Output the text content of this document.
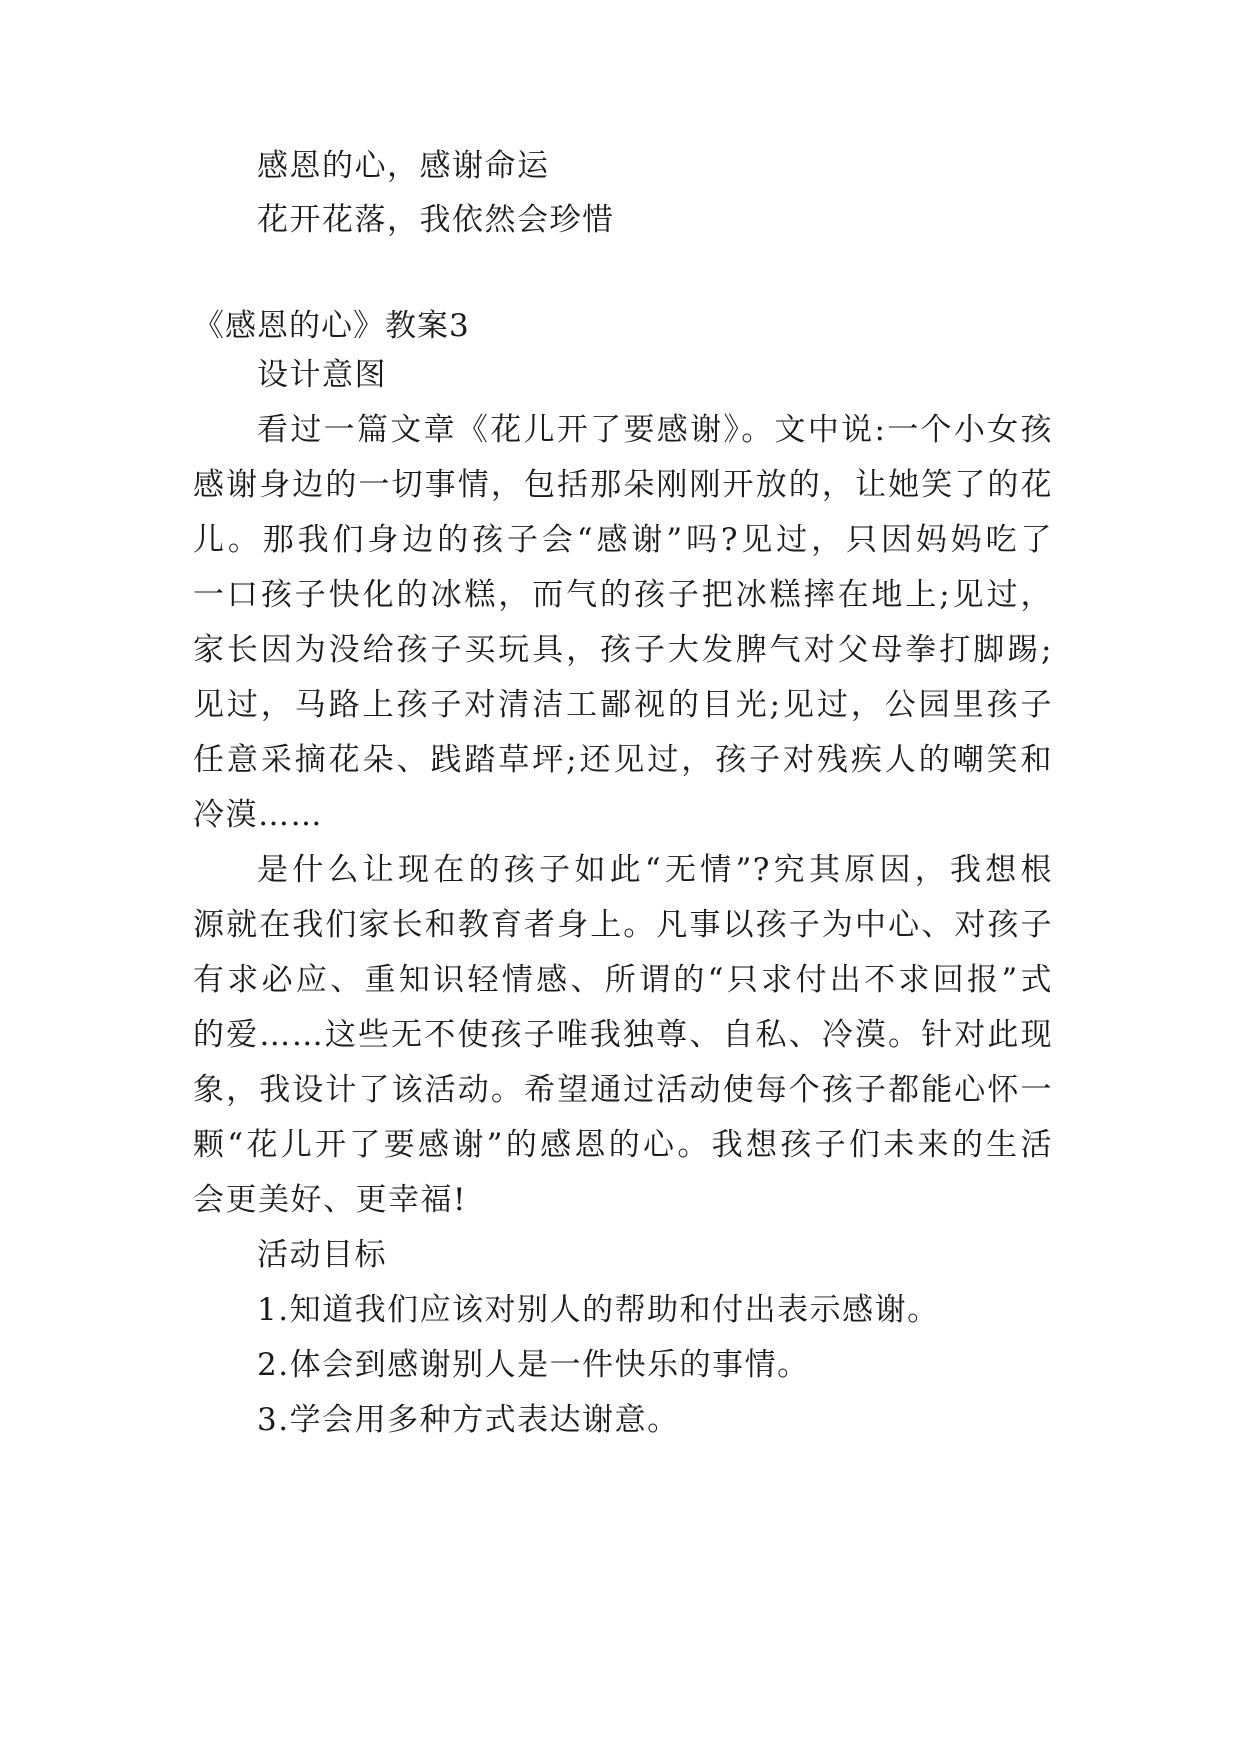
感恩的心，感谢命运
花开花落，我依然会珍惜
《感恩的心》教案3
设计意图
看过一篇文章《花儿开了要感谢》。文中说:一个小女孩
感谢身边的一切事情，包括那朵刚刚开放的，让她笑了的花
儿。那我们身边的孩子会“感谢”吗?见过，只因妈妈吃了
一口孩子快化的冰糕，而气的孩子把冰糕摔在地上;见过，
家长因为没给孩子买玩具，孩子大发脾气对父母拳打脚踢;
见过，马路上孩子对清洁工鄙视的目光;见过，公园里孩子
任意采摘花朵、践踏草坪;还见过，孩子对残疾人的嘲笑和
冷漠……
是什么让现在的孩子如此“无情”?究其原因，我想根
源就在我们家长和教育者身上。凡事以孩子为中心、对孩子
有求必应、重知识轻情感、所谓的“只求付出不求回报”式
的爱……这些无不使孩子唯我独尊、自私、冷漠。针对此现
象，我设计了该活动。希望通过活动使每个孩子都能心怀一
颗“花儿开了要感谢”的感恩的心。我想孩子们未来的生活
会更美好、更幸福!
活动目标
1.知道我们应该对别人的帮助和付出表示感谢。
2.体会到感谢别人是一件快乐的事情。
3.学会用多种方式表达谢意。
